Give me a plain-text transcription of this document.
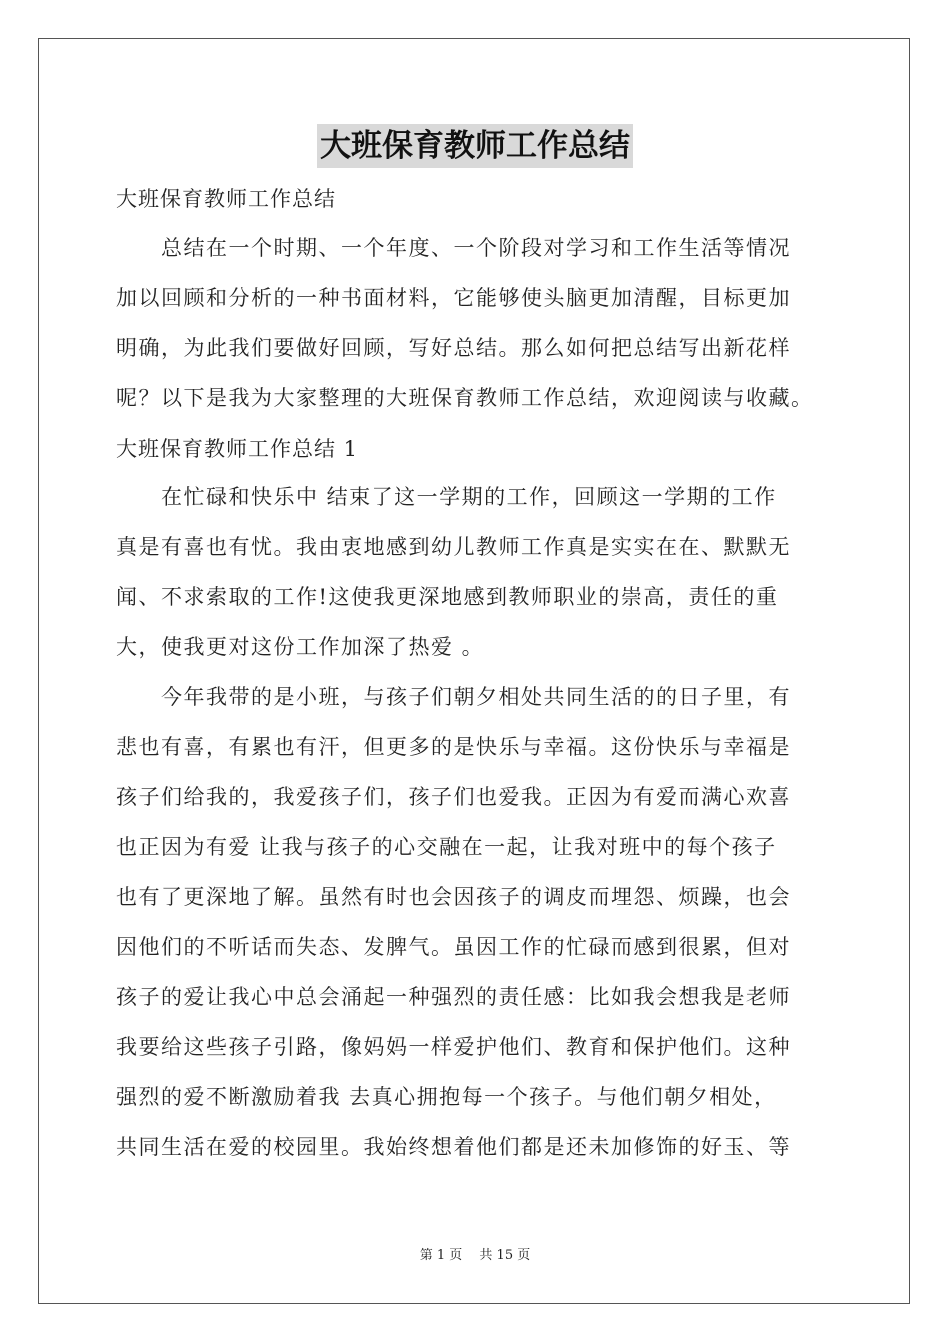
大班保育教师工作总结
大班保育教师工作总结
　　总结在一个时期、一个年度、一个阶段对学习和工作生活等情况
加以回顾和分析的一种书面材料，它能够使头脑更加清醒，目标更加
明确，为此我们要做好回顾，写好总结。那么如何把总结写出新花样
呢？以下是我为大家整理的大班保育教师工作总结，欢迎阅读与收藏。
大班保育教师工作总结 1
　　在忙碌和快乐中 结束了这一学期的工作，回顾这一学期的工作
真是有喜也有忧。我由衷地感到幼儿教师工作真是实实在在、默默无
闻、不求索取的工作!这使我更深地感到教师职业的崇高，责任的重
大，使我更对这份工作加深了热爱 。
　　今年我带的是小班，与孩子们朝夕相处共同生活的的日子里，有
悲也有喜，有累也有汗，但更多的是快乐与幸福。这份快乐与幸福是
孩子们给我的，我爱孩子们，孩子们也爱我。正因为有爱而满心欢喜
也正因为有爱 让我与孩子的心交融在一起，让我对班中的每个孩子
也有了更深地了解。虽然有时也会因孩子的调皮而埋怨、烦躁，也会
因他们的不听话而失态、发脾气。虽因工作的忙碌而感到很累，但对
孩子的爱让我心中总会涌起一种强烈的责任感：比如我会想我是老师
我要给这些孩子引路，像妈妈一样爱护他们、教育和保护他们。这种
强烈的爱不断激励着我 去真心拥抱每一个孩子。与他们朝夕相处，
共同生活在爱的校园里。我始终想着他们都是还未加修饰的好玉、等
第 1 页　 共 15 页
